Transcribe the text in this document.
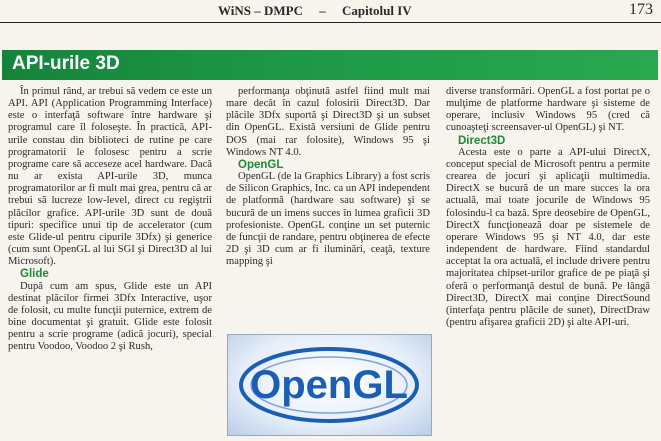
WiNS – DMPC     –     Capitolul IV	173
API-urile 3D

În primul rând, ar trebui să vedem ce este un API. API (Application Programming Interface) este o interfaţă software între hardware şi programul care îl foloseşte. În practică, API-urile constau din biblioteci de rutine pe care programatorii le folosesc pentru a scrie programe care să acceseze acel hardware. Dacă nu ar exista API-urile 3D, munca programatorilor ar fi mult mai grea, pentru că ar trebui să lucreze low-level, direct cu regiştrii plăcilor grafice. API-urile 3D sunt de două tipuri: specifice unui tip de accelerator (cum este Glide-ul pentru cipurile 3Dfx) şi generice (cum sunt OpenGL al lui SGI şi Direct3D al lui Microsoft).

Glide

După cum am spus, Glide este un API destinat plăcilor firmei 3Dfx Interactive, uşor de folosit, cu multe funcţii puternice, extrem de bine documentat şi gratuit. Glide este folosit pentru a scrie programe (adică jocuri), special pentru Voodoo, Voodoo 2 şi Rush,

performanţa obţinută astfel fiind mult mai mare decât în cazul folosirii Direct3D. Dar plăcile 3Dfx suportă şi Direct3D şi un subset din OpenGL. Există versiuni de Glide pentru DOS (mai rar folosite), Windows 95 şi Windows NT 4.0.

OpenGL

OpenGL (de la Graphics Library) a fost scris de Silicon Graphics, Inc. ca un API independent de platformă (hardware sau software) şi se bucură de un imens succes în lumea graficii 3D profesioniste. OpenGL conţine un set puternic de funcţii de randare, pentru obţinerea de efecte 2D şi 3D cum ar fi iluminări, ceaţă, texture mapping şi

OpenGL

diverse transformări. OpenGL a fost portat pe o mulţime de platforme hardware şi sisteme de operare, inclusiv Windows 95 (cred că cunoaşteţi screensaver-ul OpenGL) şi NT.

Direct3D

Acesta este o parte a API-ului DirectX, conceput special de Microsoft pentru a permite crearea de jocuri şi aplicaţii multimedia. DirectX se bucură de un mare succes la ora actuală, mai toate jocurile de Windows 95 folosindu-l ca bază. Spre deosebire de OpenGL, DirectX funcţionează doar pe sistemele de operare Windows 95 şi NT 4.0, dar este independent de hardware. Fiind standardul acceptat la ora actuală, el include drivere pentru majoritatea chipset-urilor grafice de pe piaţă şi oferă o performanţă destul de bună. Pe lângă Direct3D, DirectX mai conţine DirectSound (interfaţa pentru plăcile de sunet), DirectDraw (pentru afişarea graficii 2D) şi alte API-uri.
